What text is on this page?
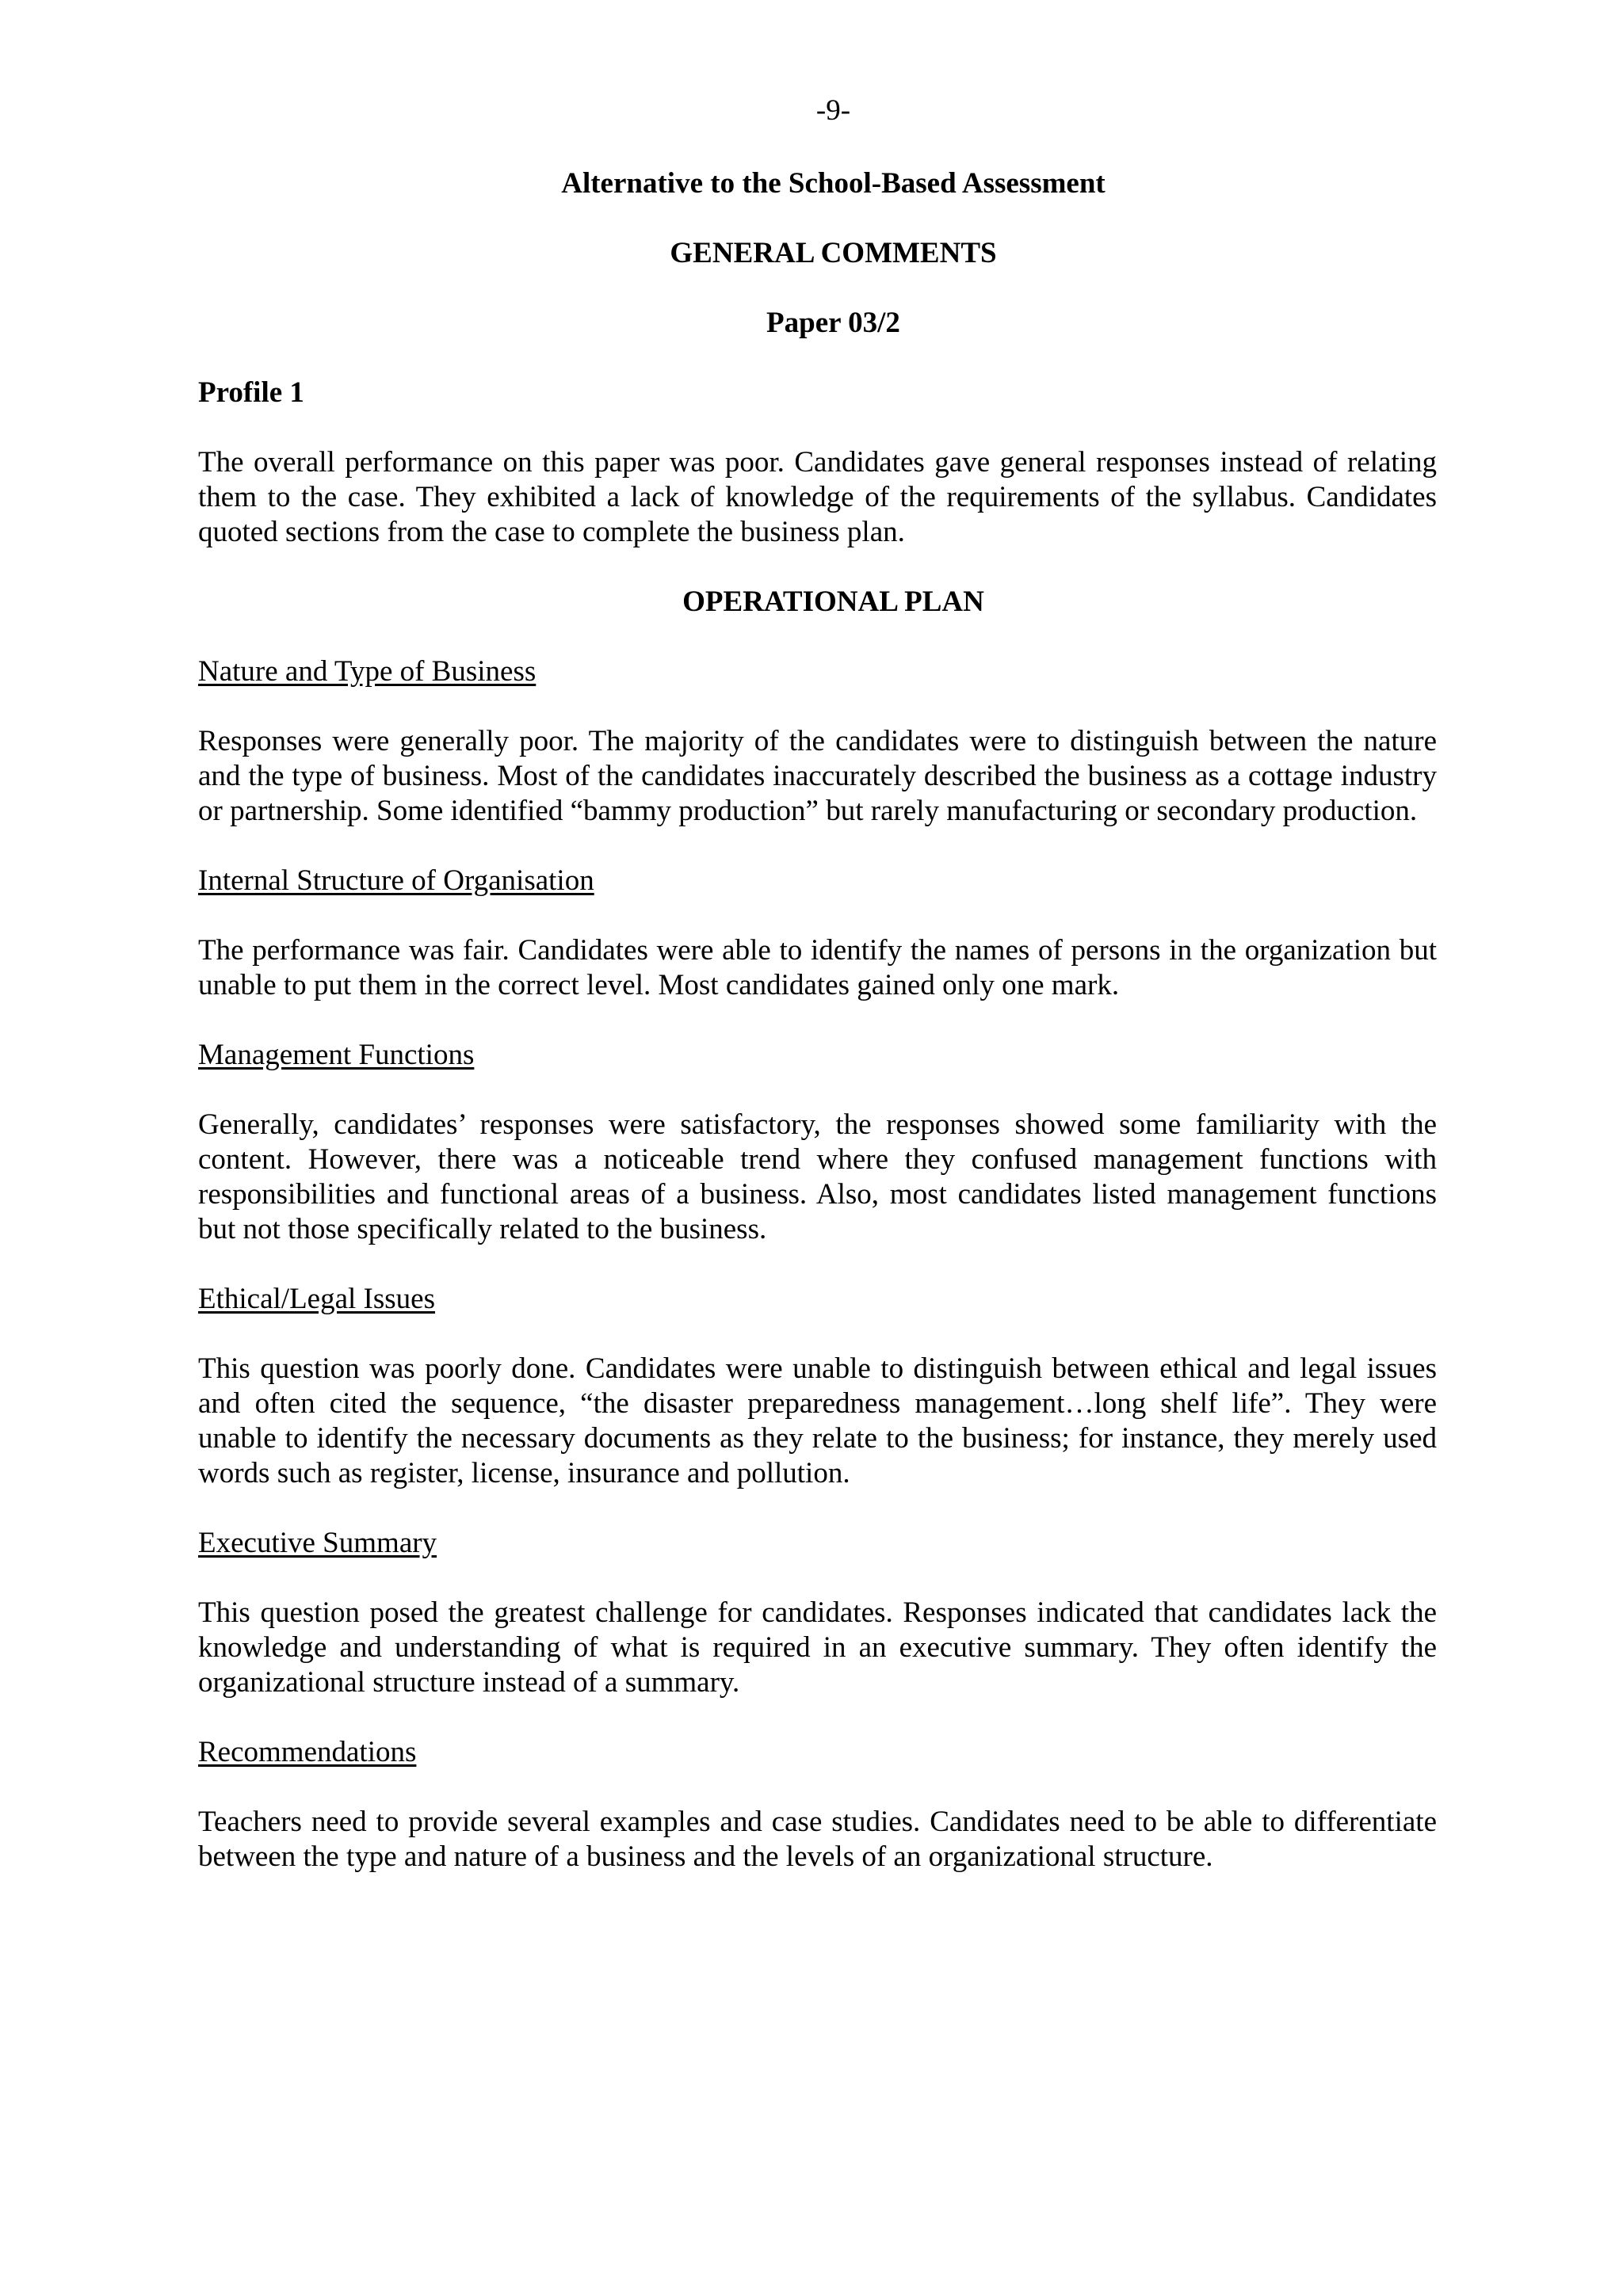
-9-

Alternative to the School-Based Assessment

GENERAL COMMENTS

Paper 03/2

Profile 1

The overall performance on this paper was poor. Candidates gave general responses instead of relating them to the case. They exhibited a lack of knowledge of the requirements of the syllabus. Candidates quoted sections from the case to complete the business plan.

OPERATIONAL PLAN

Nature and Type of Business

Responses were generally poor. The majority of the candidates were to distinguish between the nature and the type of business. Most of the candidates inaccurately described the business as a cottage industry or partnership. Some identified “bammy production” but rarely manufacturing or secondary production.

Internal Structure of Organisation

The performance was fair. Candidates were able to identify the names of persons in the organization but unable to put them in the correct level. Most candidates gained only one mark.

Management Functions

Generally, candidates’ responses were satisfactory, the responses showed some familiarity with the content. However, there was a noticeable trend where they confused management functions with responsibilities and functional areas of a business. Also, most candidates listed management functions but not those specifically related to the business.

Ethical/Legal Issues

This question was poorly done. Candidates were unable to distinguish between ethical and legal issues and often cited the sequence, “the disaster preparedness management…long shelf life”. They were unable to identify the necessary documents as they relate to the business; for instance, they merely used words such as register, license, insurance and pollution.

Executive Summary

This question posed the greatest challenge for candidates. Responses indicated that candidates lack the knowledge and understanding of what is required in an executive summary. They often identify the organizational structure instead of a summary.

Recommendations

Teachers need to provide several examples and case studies. Candidates need to be able to differentiate between the type and nature of a business and the levels of an organizational structure.
